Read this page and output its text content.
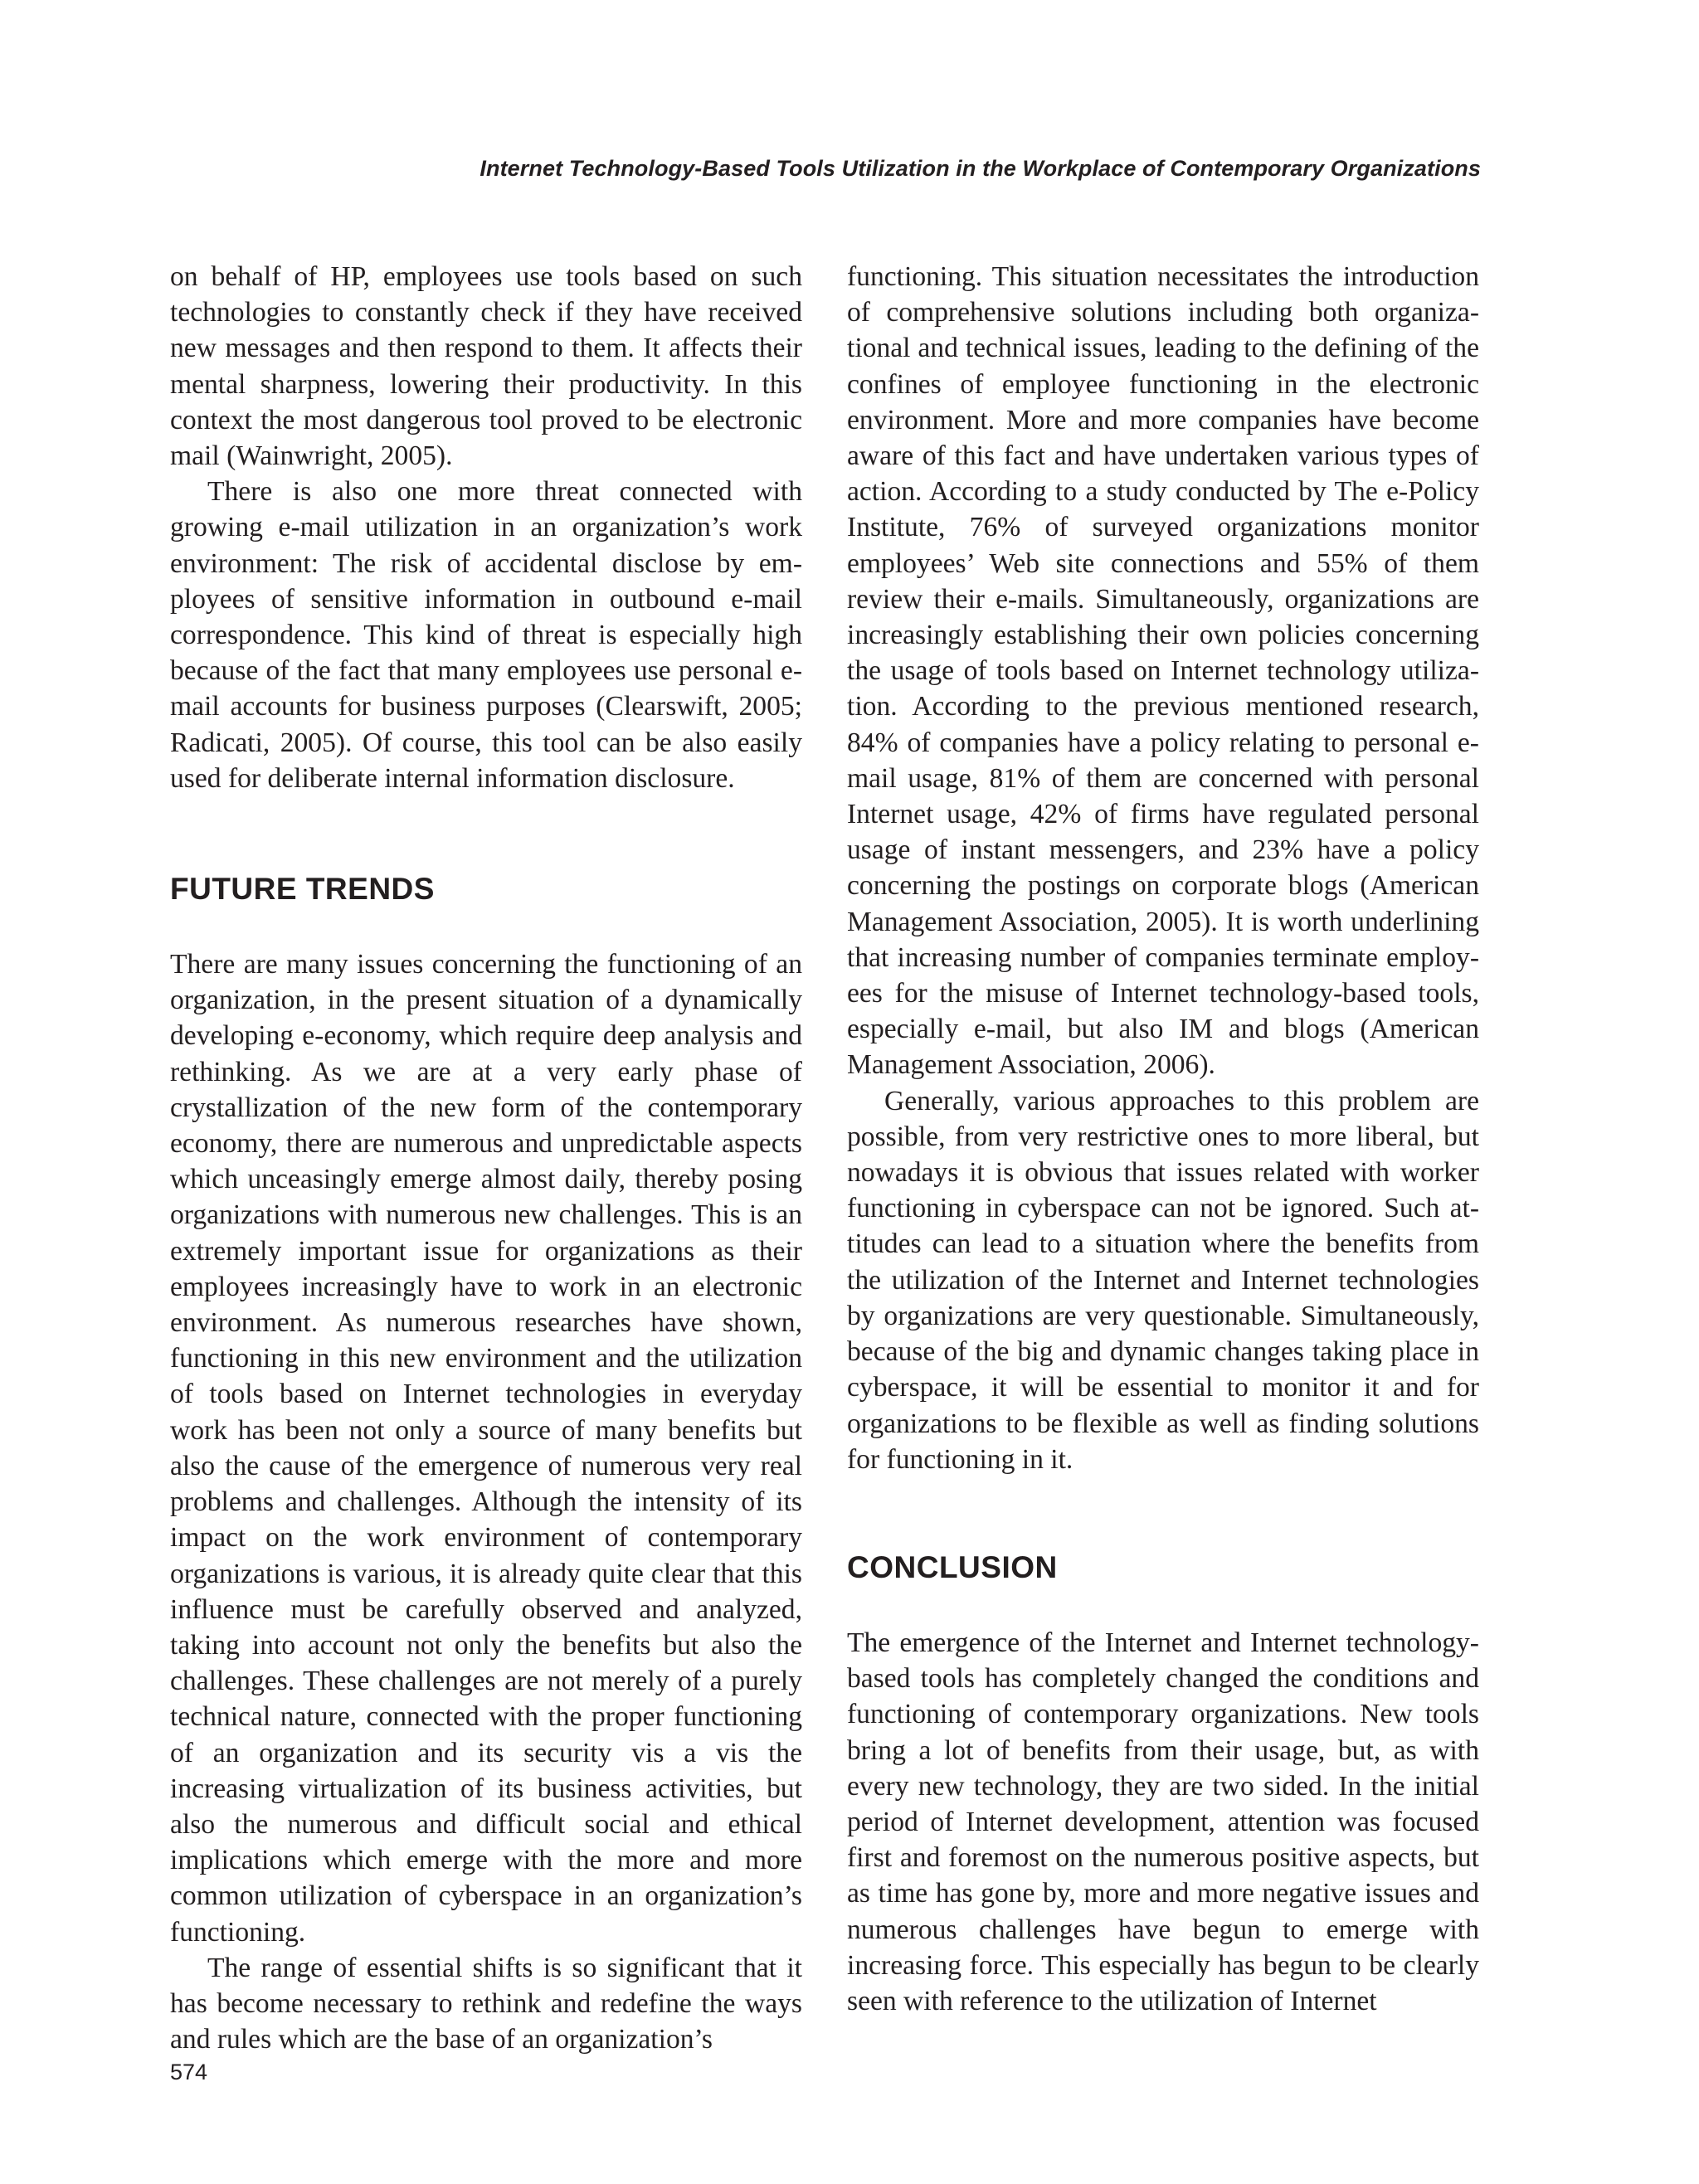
Internet Technology-Based Tools Utilization in the Workplace of Contemporary Organizations

on behalf of HP, employees use tools based on such technologies to constantly check if they have received new messages and then respond to them. It affects their mental sharpness, lowering their productivity. In this context the most dangerous tool proved to be electronic mail (Wainwright, 2005).

There is also one more threat connected with growing e-mail utilization in an organization’s work environment: The risk of accidental disclose by employees of sensitive information in outbound e-mail correspondence. This kind of threat is especially high because of the fact that many employees use personal e-mail accounts for business purposes (Clearswift, 2005; Radicati, 2005). Of course, this tool can be also easily used for deliberate internal information disclosure.

FUTURE TRENDS

There are many issues concerning the functioning of an organization, in the present situation of a dynamically developing e-economy, which require deep analysis and rethinking. As we are at a very early phase of crystallization of the new form of the contemporary economy, there are numerous and unpredictable aspects which unceasingly emerge almost daily, thereby posing organizations with numerous new challenges. This is an extremely important issue for organizations as their employees increasingly have to work in an electronic environment. As numerous researches have shown, functioning in this new environment and the utilization of tools based on Internet technologies in everyday work has been not only a source of many benefits but also the cause of the emergence of numerous very real problems and challenges. Although the intensity of its impact on the work environment of contemporary organizations is various, it is already quite clear that this influence must be carefully observed and analyzed, taking into account not only the benefits but also the challenges. These challenges are not merely of a purely technical nature, connected with the proper functioning of an organization and its security vis a vis the increasing virtualization of its business activities, but also the numerous and difficult social and ethical implications which emerge with the more and more common utilization of cyberspace in an organization’s functioning.

The range of essential shifts is so significant that it has become necessary to rethink and redefine the ways and rules which are the base of an organization’s

functioning. This situation necessitates the introduction of comprehensive solutions including both organizational and technical issues, leading to the defining of the confines of employee functioning in the electronic environment. More and more companies have become aware of this fact and have undertaken various types of action. According to a study conducted by The e-Policy Institute, 76% of surveyed organizations monitor employees’ Web site connections and 55% of them review their e-mails. Simultaneously, organizations are increasingly establishing their own policies concerning the usage of tools based on Internet technology utilization. According to the previous mentioned research, 84% of companies have a policy relating to personal e-mail usage, 81% of them are concerned with personal Internet usage, 42% of firms have regulated personal usage of instant messengers, and 23% have a policy concerning the postings on corporate blogs (American Management Association, 2005). It is worth underlining that increasing number of companies terminate employees for the misuse of Internet technology-based tools, especially e-mail, but also IM and blogs (American Management Association, 2006).

Generally, various approaches to this problem are possible, from very restrictive ones to more liberal, but nowadays it is obvious that issues related with worker functioning in cyberspace can not be ignored. Such attitudes can lead to a situation where the benefits from the utilization of the Internet and Internet technologies by organizations are very questionable. Simultaneously, because of the big and dynamic changes taking place in cyberspace, it will be essential to monitor it and for organizations to be flexible as well as finding solutions for functioning in it.

CONCLUSION

The emergence of the Internet and Internet technology-based tools has completely changed the conditions and functioning of contemporary organizations. New tools bring a lot of benefits from their usage, but, as with every new technology, they are two sided. In the initial period of Internet development, attention was focused first and foremost on the numerous positive aspects, but as time has gone by, more and more negative issues and numerous challenges have begun to emerge with increasing force. This especially has begun to be clearly seen with reference to the utilization of Internet

574
